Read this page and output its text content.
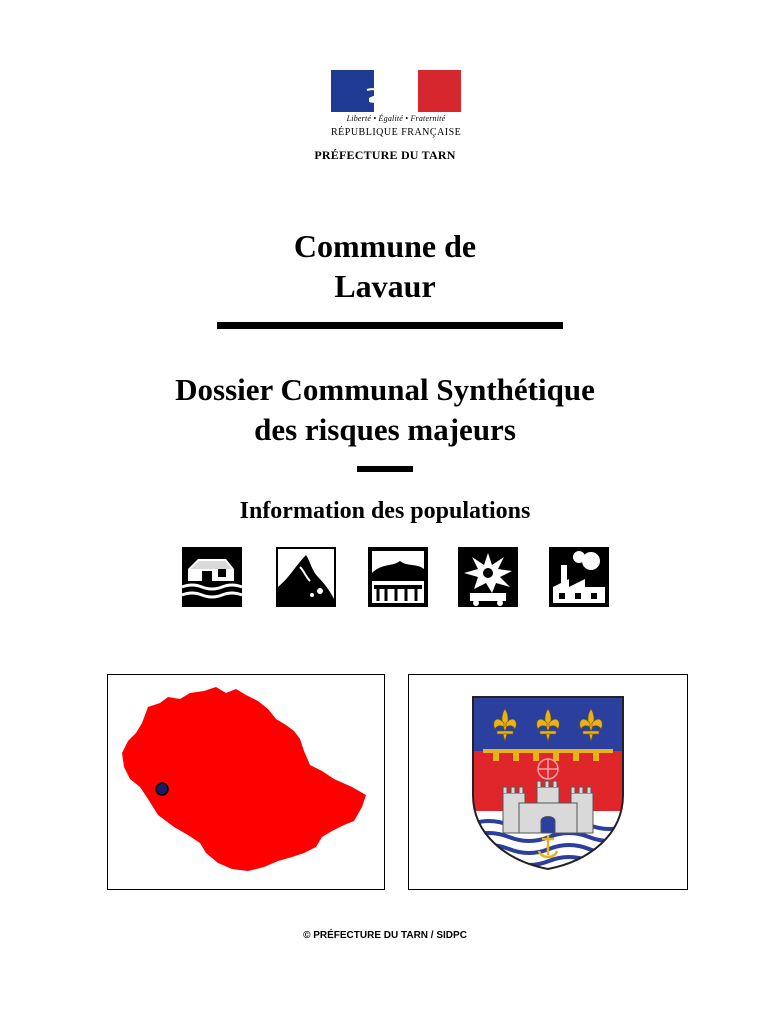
Liberté • Égalité • Fraternité
RÉPUBLIQUE FRANÇAISE
PRÉFECTURE DU TARN
Commune de
Lavaur
Dossier Communal Synthétique
des risques majeurs
Information des populations
© PRÉFECTURE DU TARN / SIDPC
